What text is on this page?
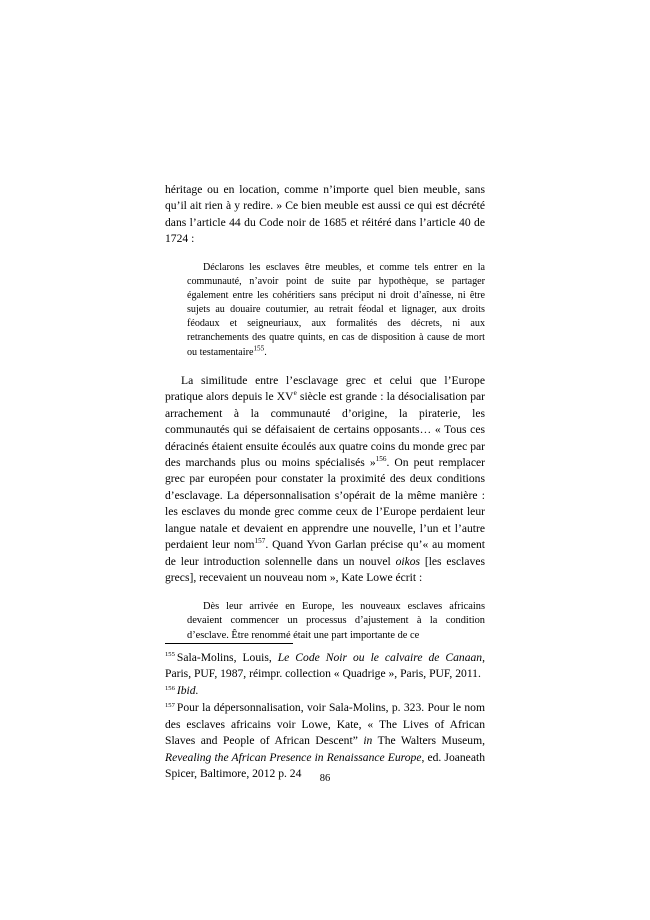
héritage ou en location, comme n’importe quel bien meuble, sans qu’il ait rien à y redire. » Ce bien meuble est aussi ce qui est décrété dans l’article 44 du Code noir de 1685 et réitéré dans l’article 40 de 1724 :

Déclarons les esclaves être meubles, et comme tels entrer en la communauté, n’avoir point de suite par hypothèque, se partager également entre les cohéritiers sans préciput ni droit d’aînesse, ni être sujets au douaire coutumier, au retrait féodal et lignager, aux droits féodaux et seigneuriaux, aux formalités des décrets, ni aux retranchements des quatre quints, en cas de disposition à cause de mort ou testamentaire$^{155}$.

La similitude entre l’esclavage grec et celui que l’Europe pratique alors depuis le XVe siècle est grande : la désocialisation par arrachement à la communauté d’origine, la piraterie, les communautés qui se défaisaient de certains opposants… « Tous ces déracinés étaient ensuite écoulés aux quatre coins du monde grec par des marchands plus ou moins spécialisés »$^{156}$. On peut remplacer grec par européen pour constater la proximité des deux conditions d’esclavage. La dépersonnalisation s’opérait de la même manière : les esclaves du monde grec comme ceux de l’Europe perdaient leur langue natale et devaient en apprendre une nouvelle, l’un et l’autre perdaient leur nom$^{157}$. Quand Yvon Garlan précise qu’« au moment de leur introduction solennelle dans un nouvel oikos [les esclaves grecs], recevaient un nouveau nom », Kate Lowe écrit :

Dès leur arrivée en Europe, les nouveaux esclaves africains devaient commencer un processus d’ajustement à la condition d’esclave. Être renommé était une part importante de ce

$^{155}$ Sala-Molins, Louis, Le Code Noir ou le calvaire de Canaan, Paris, PUF, 1987, réimpr. collection « Quadrige », Paris, PUF, 2011.

$^{156}$ Ibid.

$^{157}$ Pour la dépersonnalisation, voir Sala-Molins, p. 323. Pour le nom des esclaves africains voir Lowe, Kate, « The Lives of African Slaves and People of African Descent” in The Walters Museum, Revealing the African Presence in Renaissance Europe, ed. Joaneath Spicer, Baltimore, 2012 p. 24	86
